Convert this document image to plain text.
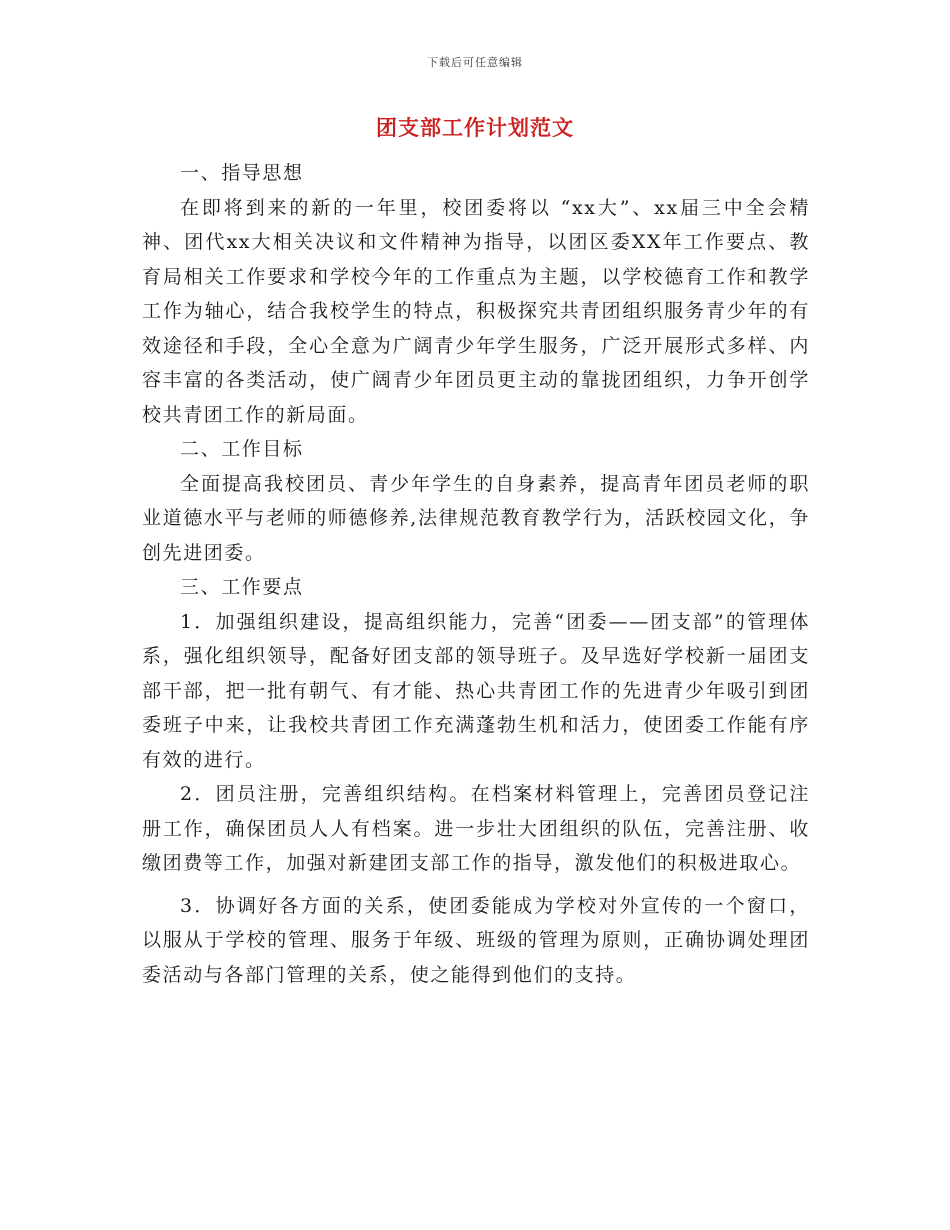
下载后可任意编辑
团支部工作计划范文

一、指导思想

在即将到来的新的一年里，校团委将以 “xx大”、xx届三中全会精神、团代xx大相关决议和文件精神为指导，以团区委XX年工作要点、教育局相关工作要求和学校今年的工作重点为主题，以学校德育工作和教学工作为轴心，结合我校学生的特点，积极探究共青团组织服务青少年的有效途径和手段，全心全意为广阔青少年学生服务，广泛开展形式多样、内容丰富的各类活动，使广阔青少年团员更主动的靠拢团组织，力争开创学校共青团工作的新局面。

二、工作目标

全面提高我校团员、青少年学生的自身素养，提高青年团员老师的职业道德水平与老师的师德修养,法律规范教育教学行为，活跃校园文化，争创先进团委。

三、工作要点

1．加强组织建设，提高组织能力，完善“团委——团支部”的管理体系，强化组织领导，配备好团支部的领导班子。及早选好学校新一届团支部干部，把一批有朝气、有才能、热心共青团工作的先进青少年吸引到团委班子中来，让我校共青团工作充满蓬勃生机和活力，使团委工作能有序有效的进行。

2．团员注册，完善组织结构。在档案材料管理上，完善团员登记注册工作，确保团员人人有档案。进一步壮大团组织的队伍，完善注册、收缴团费等工作，加强对新建团支部工作的指导，激发他们的积极进取心。

3．协调好各方面的关系，使团委能成为学校对外宣传的一个窗口，以服从于学校的管理、服务于年级、班级的管理为原则，正确协调处理团委活动与各部门管理的关系，使之能得到他们的支持。
